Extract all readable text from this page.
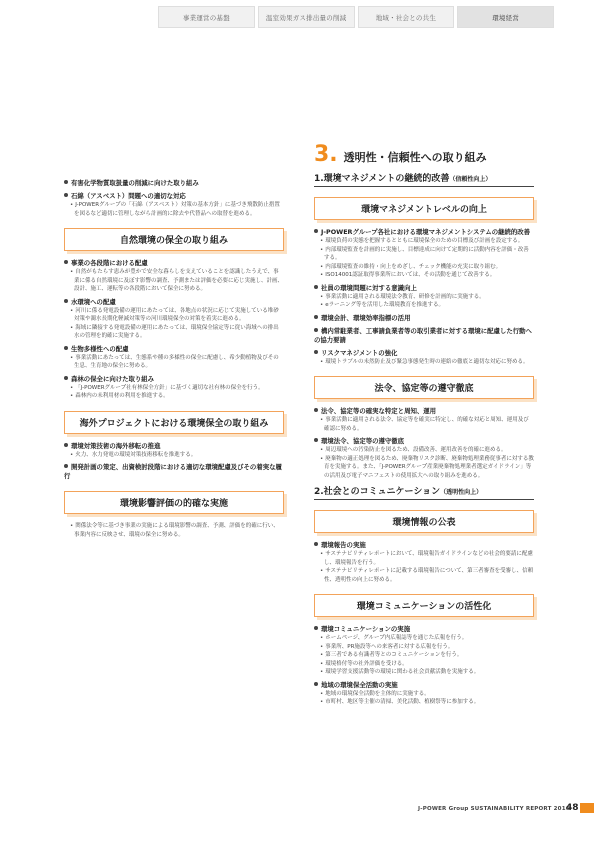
事業運営の基盤	温室効果ガス排出量の削減	地域・社会との共生	環境経営
有害化学物質取扱量の削減に向けた取り組み
石綿（アスベスト）問題への適切な対応
• J-POWERグループの「石綿（アスベスト）対策の基本方針」に基づき飛散防止措置を図るなど適切に管理しながら計画的に除去や代替品への取替を進める。
自然環境の保全の取り組み
事業の各段階における配慮
• 自然がもたらす恵みが豊かで安全な暮らしを支えていることを認識したうえで、事業に係る自然環境に及ぼす影響の調査、予測または評価を必要に応じ実施し、計画、設計、施工、運転等の各段階において保全に努める。
水環境への配慮
• 河川に係る発電設備の運用にあたっては、各地点の状況に応じて実施している堆砂対策や濁水長期化軽減対策等の河川環境保全の対策を着実に進める。
• 海域に隣接する発電設備の運用にあたっては、環境保全協定等に従い海域への排出水の管理を的確に実施する。
生物多様性への配慮
• 事業活動にあたっては、生態系や種の多様性の保全に配慮し、希少動植物及びその生息、生育地の保全に努める。
森林の保全に向けた取り組み
• 「J-POWERグループ社有林保全方針」に基づく適切な社有林の保全を行う。
• 森林内の未利用材の利用を推進する。
海外プロジェクトにおける環境保全の取り組み
環境対策技術の海外移転の推進
• 火力、水力発電の環境対策技術移転を推進する。
開発計画の策定、出資検討段階における適切な環境配慮及びその着実な履行
環境影響評価の的確な実施
• 関係法令等に基づき事業の実施による環境影響の調査、予測、評価を的確に行い、事業内容に反映させ、環境の保全に努める。
3. 透明性・信頼性への取り組み
1.環境マネジメントの継続的改善（信頼性向上）
環境マネジメントレベルの向上
J-POWERグループ各社における環境マネジメントシステムの継続的改善
• 環境負荷の実態を把握するとともに環境保全のための目標及び計画を設定する。
• 内部環境監査を計画的に実施し、目標達成に向けて定期的に活動内容を評価・改善する。
• 内部環境監査の維持・向上をめざし、チェック機能の充実に取り組む。
• ISO14001認証取得事業所においては、その活動を通じて改善する。
社員の環境問題に対する意識向上
• 事業活動に適用される環境法令教育、研修を計画的に実施する。
• eラーニング等を活用した環境教育を推進する。
環境会計、環境効率指標の活用
構内常駐業者、工事請負業者等の取引業者に対する環境に配慮した行動への協力要請
リスクマネジメントの強化
• 環境トラブルの未然防止及び緊急事態発生時の連絡の徹底と適切な対応に努める。
法令、協定等の遵守徹底
法令、協定等の確実な特定と周知、運用
• 事業活動に適用される法令、協定等を確実に特定し、的確な対応と周知、運用及び確認に努める。
環境法令、協定等の遵守徹底
• 周辺環境への汚染防止を図るため、設備改善、運用改善を的確に進める。
• 廃棄物の適正処理を図るため、廃棄物リスク診断、廃棄物処理業務従事者に対する教育を実施する。また、「J-POWERグループ産業廃棄物処理業者選定ガイドライン」等の活用及び電子マニフェストの使用拡大への取り組みを進める。
2.社会とのコミュニケーション（透明性向上）
環境情報の公表
環境報告の実施
• サステナビリティレポートにおいて、環境報告ガイドラインなどの社会的要請に配慮し、環境報告を行う。
• サステナビリティレポートに記載する環境報告について、第三者審査を受審し、信頼性、透明性の向上に努める。
環境コミュニケーションの活性化
環境コミュニケーションの実施
• ホームページ、グループ内広報誌等を通じた広報を行う。
• 事業所、PR施設等への来客者に対する広報を行う。
• 第三者である有識者等とのコミュニケーションを行う。
• 環境格付等の社外評価を受ける。
• 環境学習支援活動等の環境に関わる社会貢献活動を実施する。
地域の環境保全活動の実施
• 地域の環境保全活動を主体的に実施する。
• 市町村、地区等主催の清掃、美化活動、植樹祭等に参加する。
J-POWER Group SUSTAINABILITY REPORT 2016
48
